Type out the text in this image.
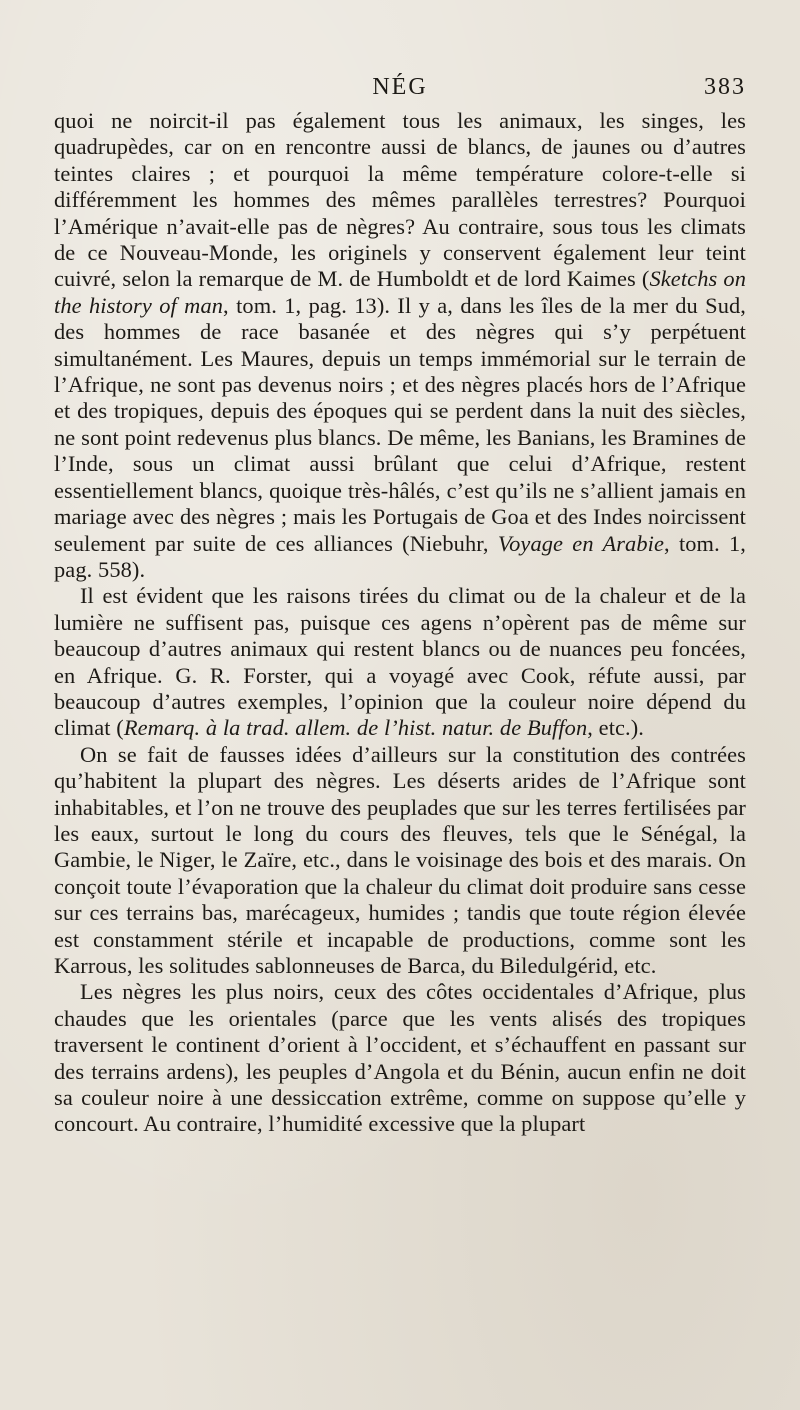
NÉG	383

quoi ne noircit-il pas également tous les animaux, les singes, les quadrupèdes, car on en rencontre aussi de blancs, de jaunes ou d’autres teintes claires ; et pourquoi la même température colore-t-elle si différemment les hommes des mêmes parallèles terrestres? Pourquoi l’Amérique n’avait-elle pas de nègres? Au contraire, sous tous les climats de ce Nouveau-Monde, les originels y conservent également leur teint cuivré, selon la remarque de M. de Humboldt et de lord Kaimes (Sketchs on the history of man, tom. 1, pag. 13). Il y a, dans les îles de la mer du Sud, des hommes de race basanée et des nègres qui s’y perpétuent simultanément. Les Maures, depuis un temps immémorial sur le terrain de l’Afrique, ne sont pas devenus noirs ; et des nègres placés hors de l’Afrique et des tropiques, depuis des époques qui se perdent dans la nuit des siècles, ne sont point redevenus plus blancs. De même, les Banians, les Bramines de l’Inde, sous un climat aussi brûlant que celui d’Afrique, restent essentiellement blancs, quoique très-hâlés, c’est qu’ils ne s’allient jamais en mariage avec des nègres ; mais les Portugais de Goa et des Indes noircissent seulement par suite de ces alliances (Niebuhr, Voyage en Arabie, tom. 1, pag. 558).

Il est évident que les raisons tirées du climat ou de la chaleur et de la lumière ne suffisent pas, puisque ces agens n’opèrent pas de même sur beaucoup d’autres animaux qui restent blancs ou de nuances peu foncées, en Afrique. G. R. Forster, qui a voyagé avec Cook, réfute aussi, par beaucoup d’autres exemples, l’opinion que la couleur noire dépend du climat (Remarq. à la trad. allem. de l’hist. natur. de Buffon, etc.).

On se fait de fausses idées d’ailleurs sur la constitution des contrées qu’habitent la plupart des nègres. Les déserts arides de l’Afrique sont inhabitables, et l’on ne trouve des peuplades que sur les terres fertilisées par les eaux, surtout le long du cours des fleuves, tels que le Sénégal, la Gambie, le Niger, le Zaïre, etc., dans le voisinage des bois et des marais. On conçoit toute l’évaporation que la chaleur du climat doit produire sans cesse sur ces terrains bas, marécageux, humides ; tandis que toute région élevée est constamment stérile et incapable de productions, comme sont les Karrous, les solitudes sablonneuses de Barca, du Biledulgérid, etc.

Les nègres les plus noirs, ceux des côtes occidentales d’Afrique, plus chaudes que les orientales (parce que les vents alisés des tropiques traversent le continent d’orient à l’occident, et s’échauffent en passant sur des terrains ardens), les peuples d’Angola et du Bénin, aucun enfin ne doit sa couleur noire à une dessiccation extrême, comme on suppose qu’elle y concourt. Au contraire, l’humidité excessive que la plupart
